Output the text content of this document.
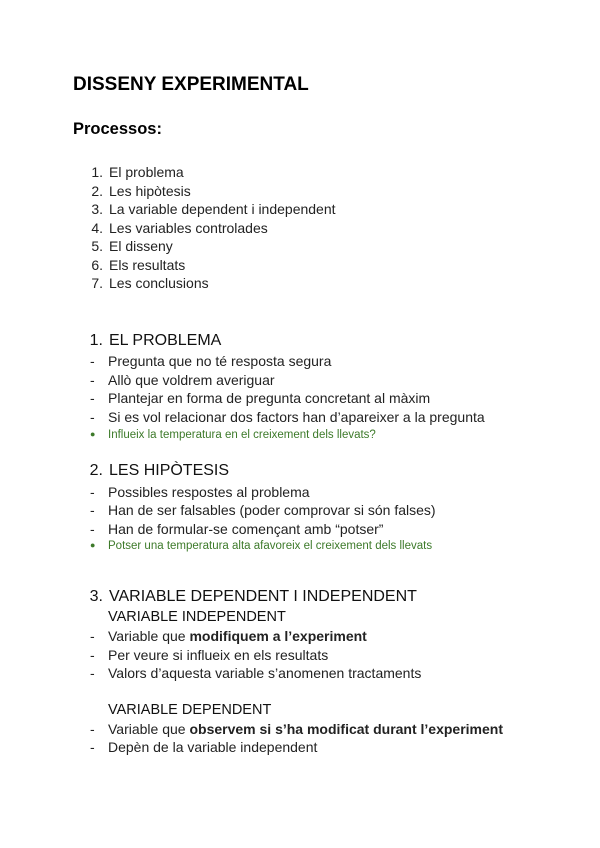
DISSENY EXPERIMENTAL
Processos:
1. El problema
2. Les hipòtesis
3. La variable dependent i independent
4. Les variables controlades
5. El disseny
6. Els resultats
7. Les conclusions
1. EL PROBLEMA
- Pregunta que no té resposta segura
- Allò que voldrem averiguar
- Plantejar en forma de pregunta concretant al màxim
- Si es vol relacionar dos factors han d’apareixer a la pregunta
● Influeix la temperatura en el creixement dels llevats?
2. LES HIPÒTESIS
- Possibles respostes al problema
- Han de ser falsables (poder comprovar si són falses)
- Han de formular-se començant amb “potser”
● Potser una temperatura alta afavoreix el creixement dels llevats
3. VARIABLE DEPENDENT I INDEPENDENT
VARIABLE INDEPENDENT
- Variable que modifiquem a l’experiment
- Per veure si influeix en els resultats
- Valors d’aquesta variable s’anomenen tractaments
VARIABLE DEPENDENT
- Variable que observem si s’ha modificat durant l’experiment
- Depèn de la variable independent
